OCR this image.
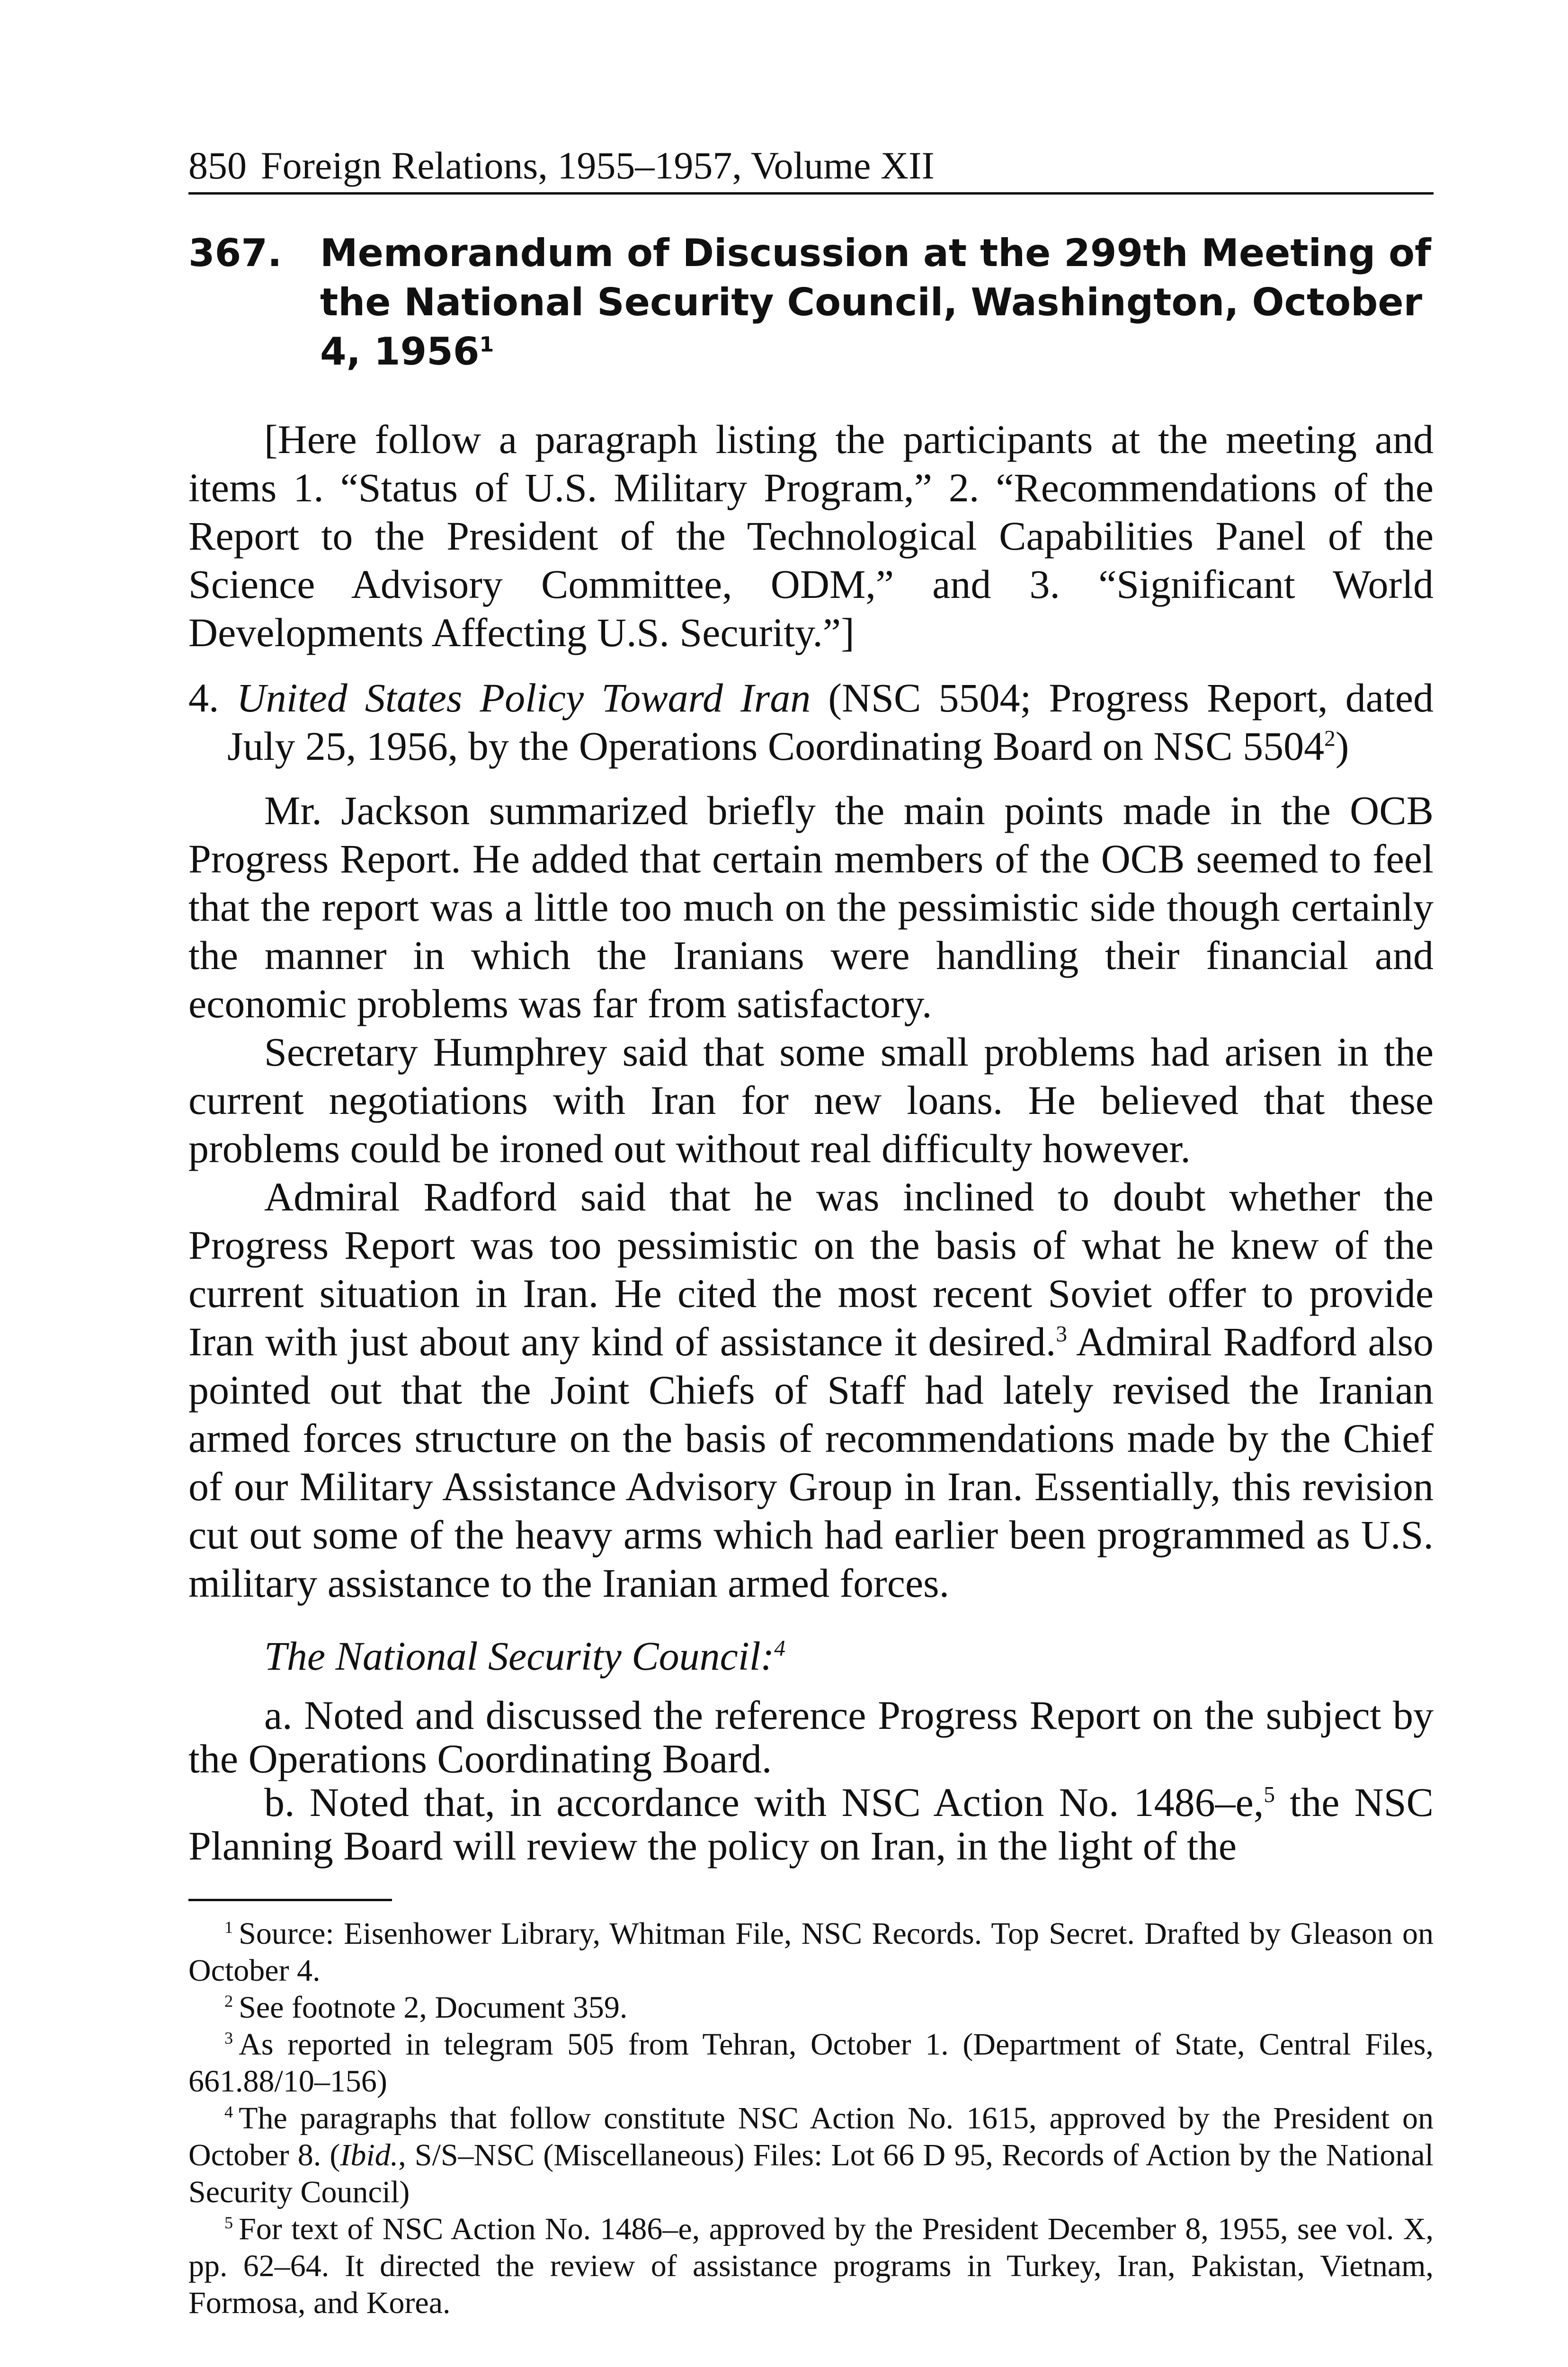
850 Foreign Relations, 1955–1957, Volume XII
367.	Memorandum of Discussion at the 299th Meeting of the National Security Council, Washington, October 4, 1956$^1$

[Here follow a paragraph listing the participants at the meeting and items 1. “Status of U.S. Military Program,” 2. “Recommendations of the Report to the President of the Technological Capabilities Panel of the Science Advisory Committee, ODM,” and 3. “Significant World Developments Affecting U.S. Security.”]

4. United States Policy Toward Iran (NSC 5504; Progress Report, dated July 25, 1956, by the Operations Coordinating Board on NSC 5504$^2$)

Mr. Jackson summarized briefly the main points made in the OCB Progress Report. He added that certain members of the OCB seemed to feel that the report was a little too much on the pessimistic side though certainly the manner in which the Iranians were handling their financial and economic problems was far from satisfactory.

Secretary Humphrey said that some small problems had arisen in the current negotiations with Iran for new loans. He believed that these problems could be ironed out without real difficulty however.

Admiral Radford said that he was inclined to doubt whether the Progress Report was too pessimistic on the basis of what he knew of the current situation in Iran. He cited the most recent Soviet offer to provide Iran with just about any kind of assistance it desired.$^3$ Admiral Radford also pointed out that the Joint Chiefs of Staff had lately revised the Iranian armed forces structure on the basis of recommendations made by the Chief of our Military Assistance Advisory Group in Iran. Essentially, this revision cut out some of the heavy arms which had earlier been programmed as U.S. military assistance to the Iranian armed forces.

The National Security Council:$^4$

a. Noted and discussed the reference Progress Report on the subject by the Operations Coordinating Board.

b. Noted that, in accordance with NSC Action No. 1486–e,$^5$ the NSC Planning Board will review the policy on Iran, in the light of the

$^1$ Source: Eisenhower Library, Whitman File, NSC Records. Top Secret. Drafted by Gleason on October 4.

$^2$ See footnote 2, Document 359.

$^3$ As reported in telegram 505 from Tehran, October 1. (Department of State, Central Files, 661.88/10–156)

$^4$ The paragraphs that follow constitute NSC Action No. 1615, approved by the President on October 8. (Ibid., S/S–NSC (Miscellaneous) Files: Lot 66 D 95, Records of Action by the National Security Council)

$^5$ For text of NSC Action No. 1486–e, approved by the President December 8, 1955, see vol. X, pp. 62–64. It directed the review of assistance programs in Turkey, Iran, Pakistan, Vietnam, Formosa, and Korea.
